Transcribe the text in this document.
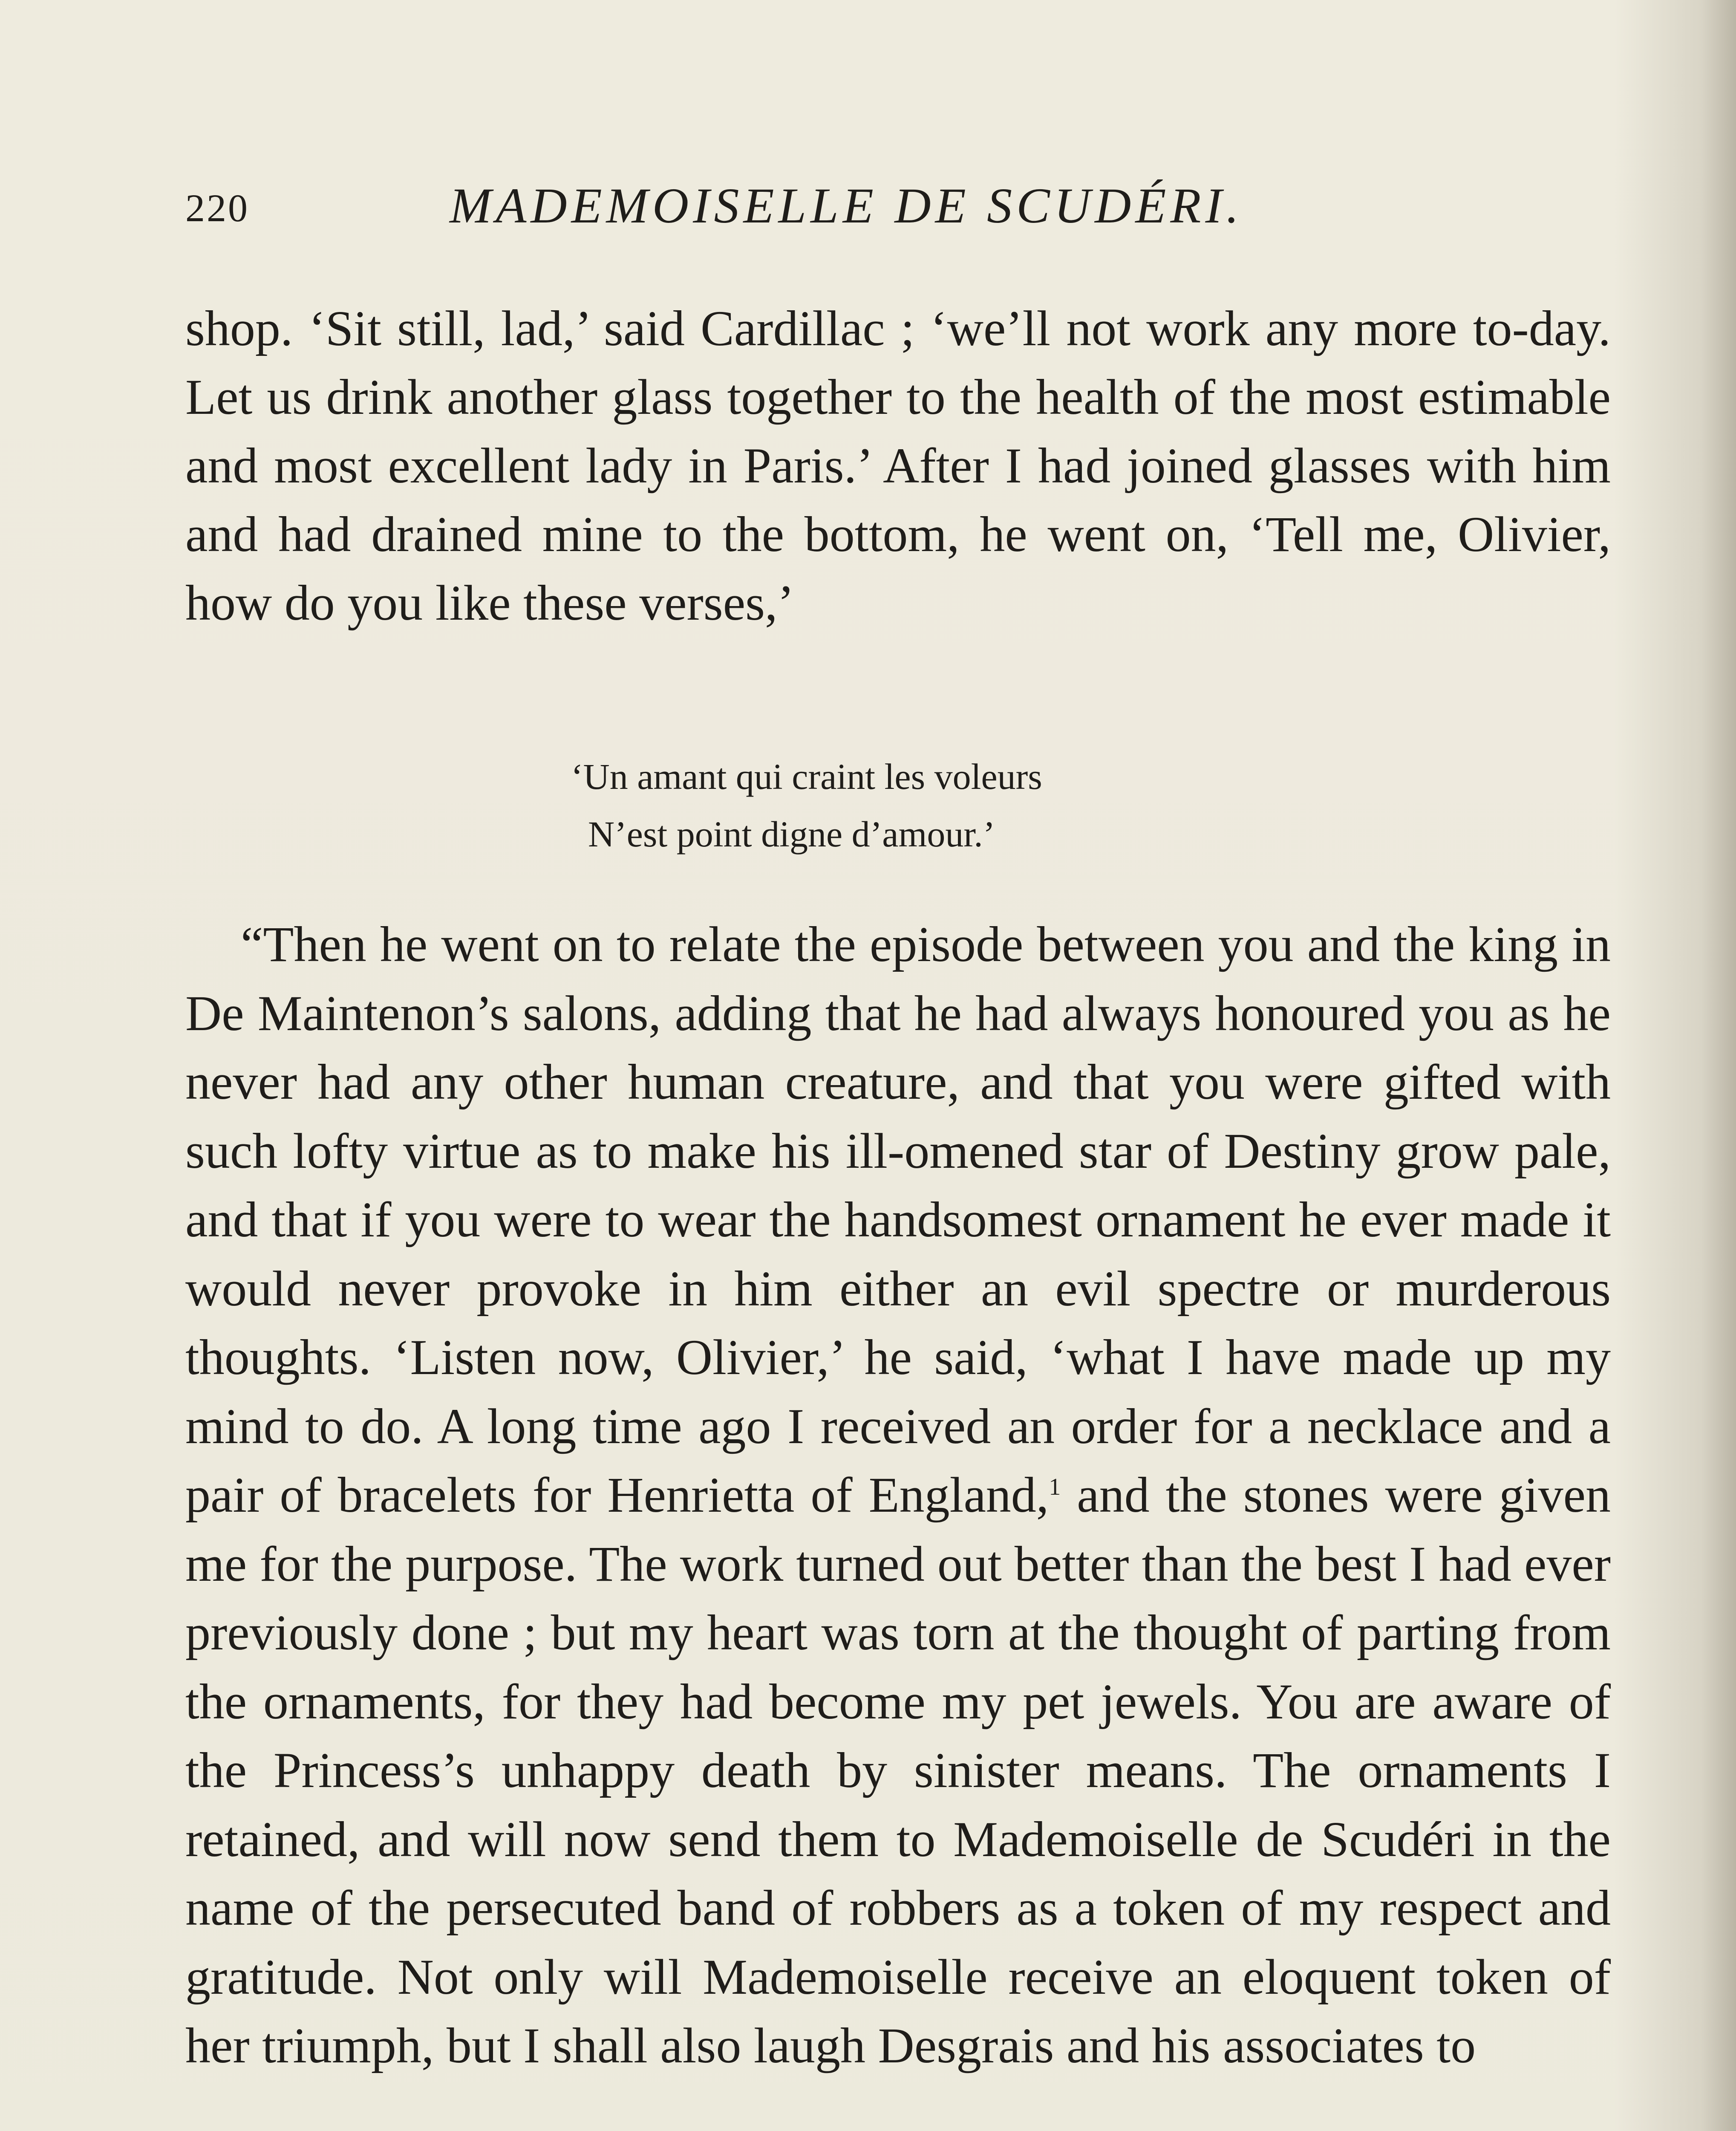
220	MADEMOISELLE DE SCUDÉRI.

shop. ‘Sit still, lad,’ said Cardillac ; ‘we’ll not work any more to-day. Let us drink another glass together to the health of the most estimable and most excellent lady in Paris.’ After I had joined glasses with him and had drained mine to the bottom, he went on, ‘Tell me, Olivier, how do you like these verses,’

‘Un amant qui craint les voleurs
N’est point digne d’amour.’
“Then he went on to relate the episode between you and the king in De Maintenon’s salons, adding that he had always honoured you as he never had any other human creature, and that you were gifted with such lofty virtue as to make his ill-omened star of Destiny grow pale, and that if you were to wear the handsomest ornament he ever made it would never provoke in him either an evil spectre or murderous thoughts. ‘Listen now, Olivier,’ he said, ‘what I have made up my mind to do. A long time ago I received an order for a necklace and a pair of bracelets for Henrietta of England,$^1$ and the stones were given me for the purpose. The work turned out better than the best I had ever previously done ; but my heart was torn at the thought of parting from the ornaments, for they had become my pet jewels. You are aware of the Princess’s unhappy death by sinister means. The ornaments I retained, and will now send them to Mademoiselle de Scudéri in the name of the persecuted band of robbers as a token of my respect and gratitude. Not only will Mademoiselle receive an eloquent token of her triumph, but I shall also laugh Desgrais and his associates to
